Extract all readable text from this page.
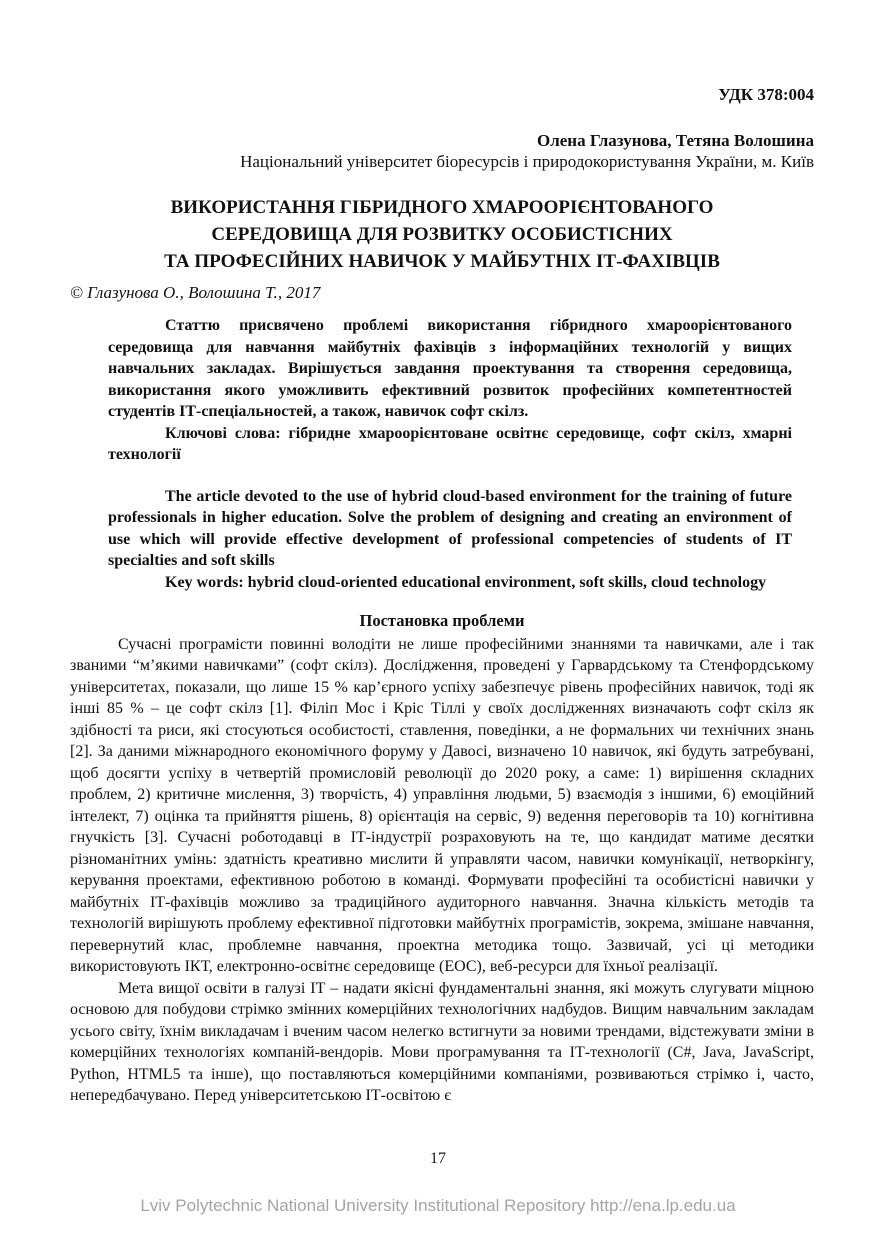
УДК 378:004
Олена Глазунова, Тетяна Волошина
Національний університет біоресурсів і природокористування України, м. Київ
ВИКОРИСТАННЯ ГІБРИДНОГО ХМАРООРІЄНТОВАНОГО
СЕРЕДОВИЩА ДЛЯ РОЗВИТКУ ОСОБИСТІСНИХ
ТА ПРОФЕСІЙНИХ НАВИЧОК У МАЙБУТНІХ ІТ-ФАХІВЦІВ
© Глазунова О., Волошина Т., 2017

Статтю присвячено проблемі використання гібридного хмароорієнтованого середовища для навчання майбутніх фахівців з інформаційних технологій у вищих навчальних закладах. Вирішується завдання проектування та створення середовища, використання якого уможливить ефективний розвиток професійних компетентностей студентів ІТ-спеціальностей, а також, навичок софт скілз.

Ключові слова: гібридне хмароорієнтоване освітнє середовище, софт скілз, хмарні технології

The article devoted to the use of hybrid cloud-based environment for the training of future professionals in higher education. Solve the problem of designing and creating an environment of use which will provide effective development of professional competencies of students of IT specialties and soft skills

Key words: hybrid cloud-oriented educational environment, soft skills, cloud technology

Постановка проблеми

Сучасні програмісти повинні володіти не лише професійними знаннями та навичками, але і так званими “м’якими навичками” (софт скілз). Дослідження, проведені у Гарвардському та Стенфордському університетах, показали, що лише 15 % кар’єрного успіху забезпечує рівень професійних навичок, тоді як інші 85 % – це софт скілз [1]. Філіп Мос і Кріс Тіллі у своїх дослідженнях визначають софт скілз як здібності та риси, які стосуються особистості, ставлення, поведінки, а не формальних чи технічних знань [2]. За даними міжнародного економічного форуму у Давосі, визначено 10 навичок, які будуть затребувані, щоб досягти успіху в четвертій промисловій революції до 2020 року, а саме: 1) вирішення складних проблем, 2) критичне мислення, 3) творчість, 4) управління людьми, 5) взаємодія з іншими, 6) емоційний інтелект, 7) оцінка та прийняття рішень, 8) орієнтація на сервіс, 9) ведення переговорів та 10) когнітивна гнучкість [3]. Сучасні роботодавці в ІТ-індустрії розраховують на те, що кандидат матиме десятки різноманітних умінь: здатність креативно мислити й управляти часом, навички комунікації, нетворкінгу, керування проектами, ефективною роботою в команді. Формувати професійні та особистісні навички у майбутніх ІТ-фахівців можливо за традиційного аудиторного навчання. Значна кількість методів та технологій вирішують проблему ефективної підготовки майбутніх програмістів, зокрема, змішане навчання, перевернутий клас, проблемне навчання, проектна методика тощо. Зазвичай, усі ці методики використовують ІКТ, електронно-освітнє середовище (ЕОС), веб-ресурси для їхньої реалізації.

Мета вищої освіти в галузі ІТ – надати якісні фундаментальні знання, які можуть слугувати міцною основою для побудови стрімко змінних комерційних технологічних надбудов. Вищим навчальним закладам усього світу, їхнім викладачам і вченим часом нелегко встигнути за новими трендами, відстежувати зміни в комерційних технологіях компаній-вендорів. Мови програмування та ІТ-технології (C#, Java, JavaScript, Python, HTML5 та інше), що поставляються комерційними компаніями, розвиваються стрімко і, часто, непередбачувано. Перед університетською ІТ-освітою є

17
Lviv Polytechnic National University Institutional Repository http://ena.lp.edu.ua
